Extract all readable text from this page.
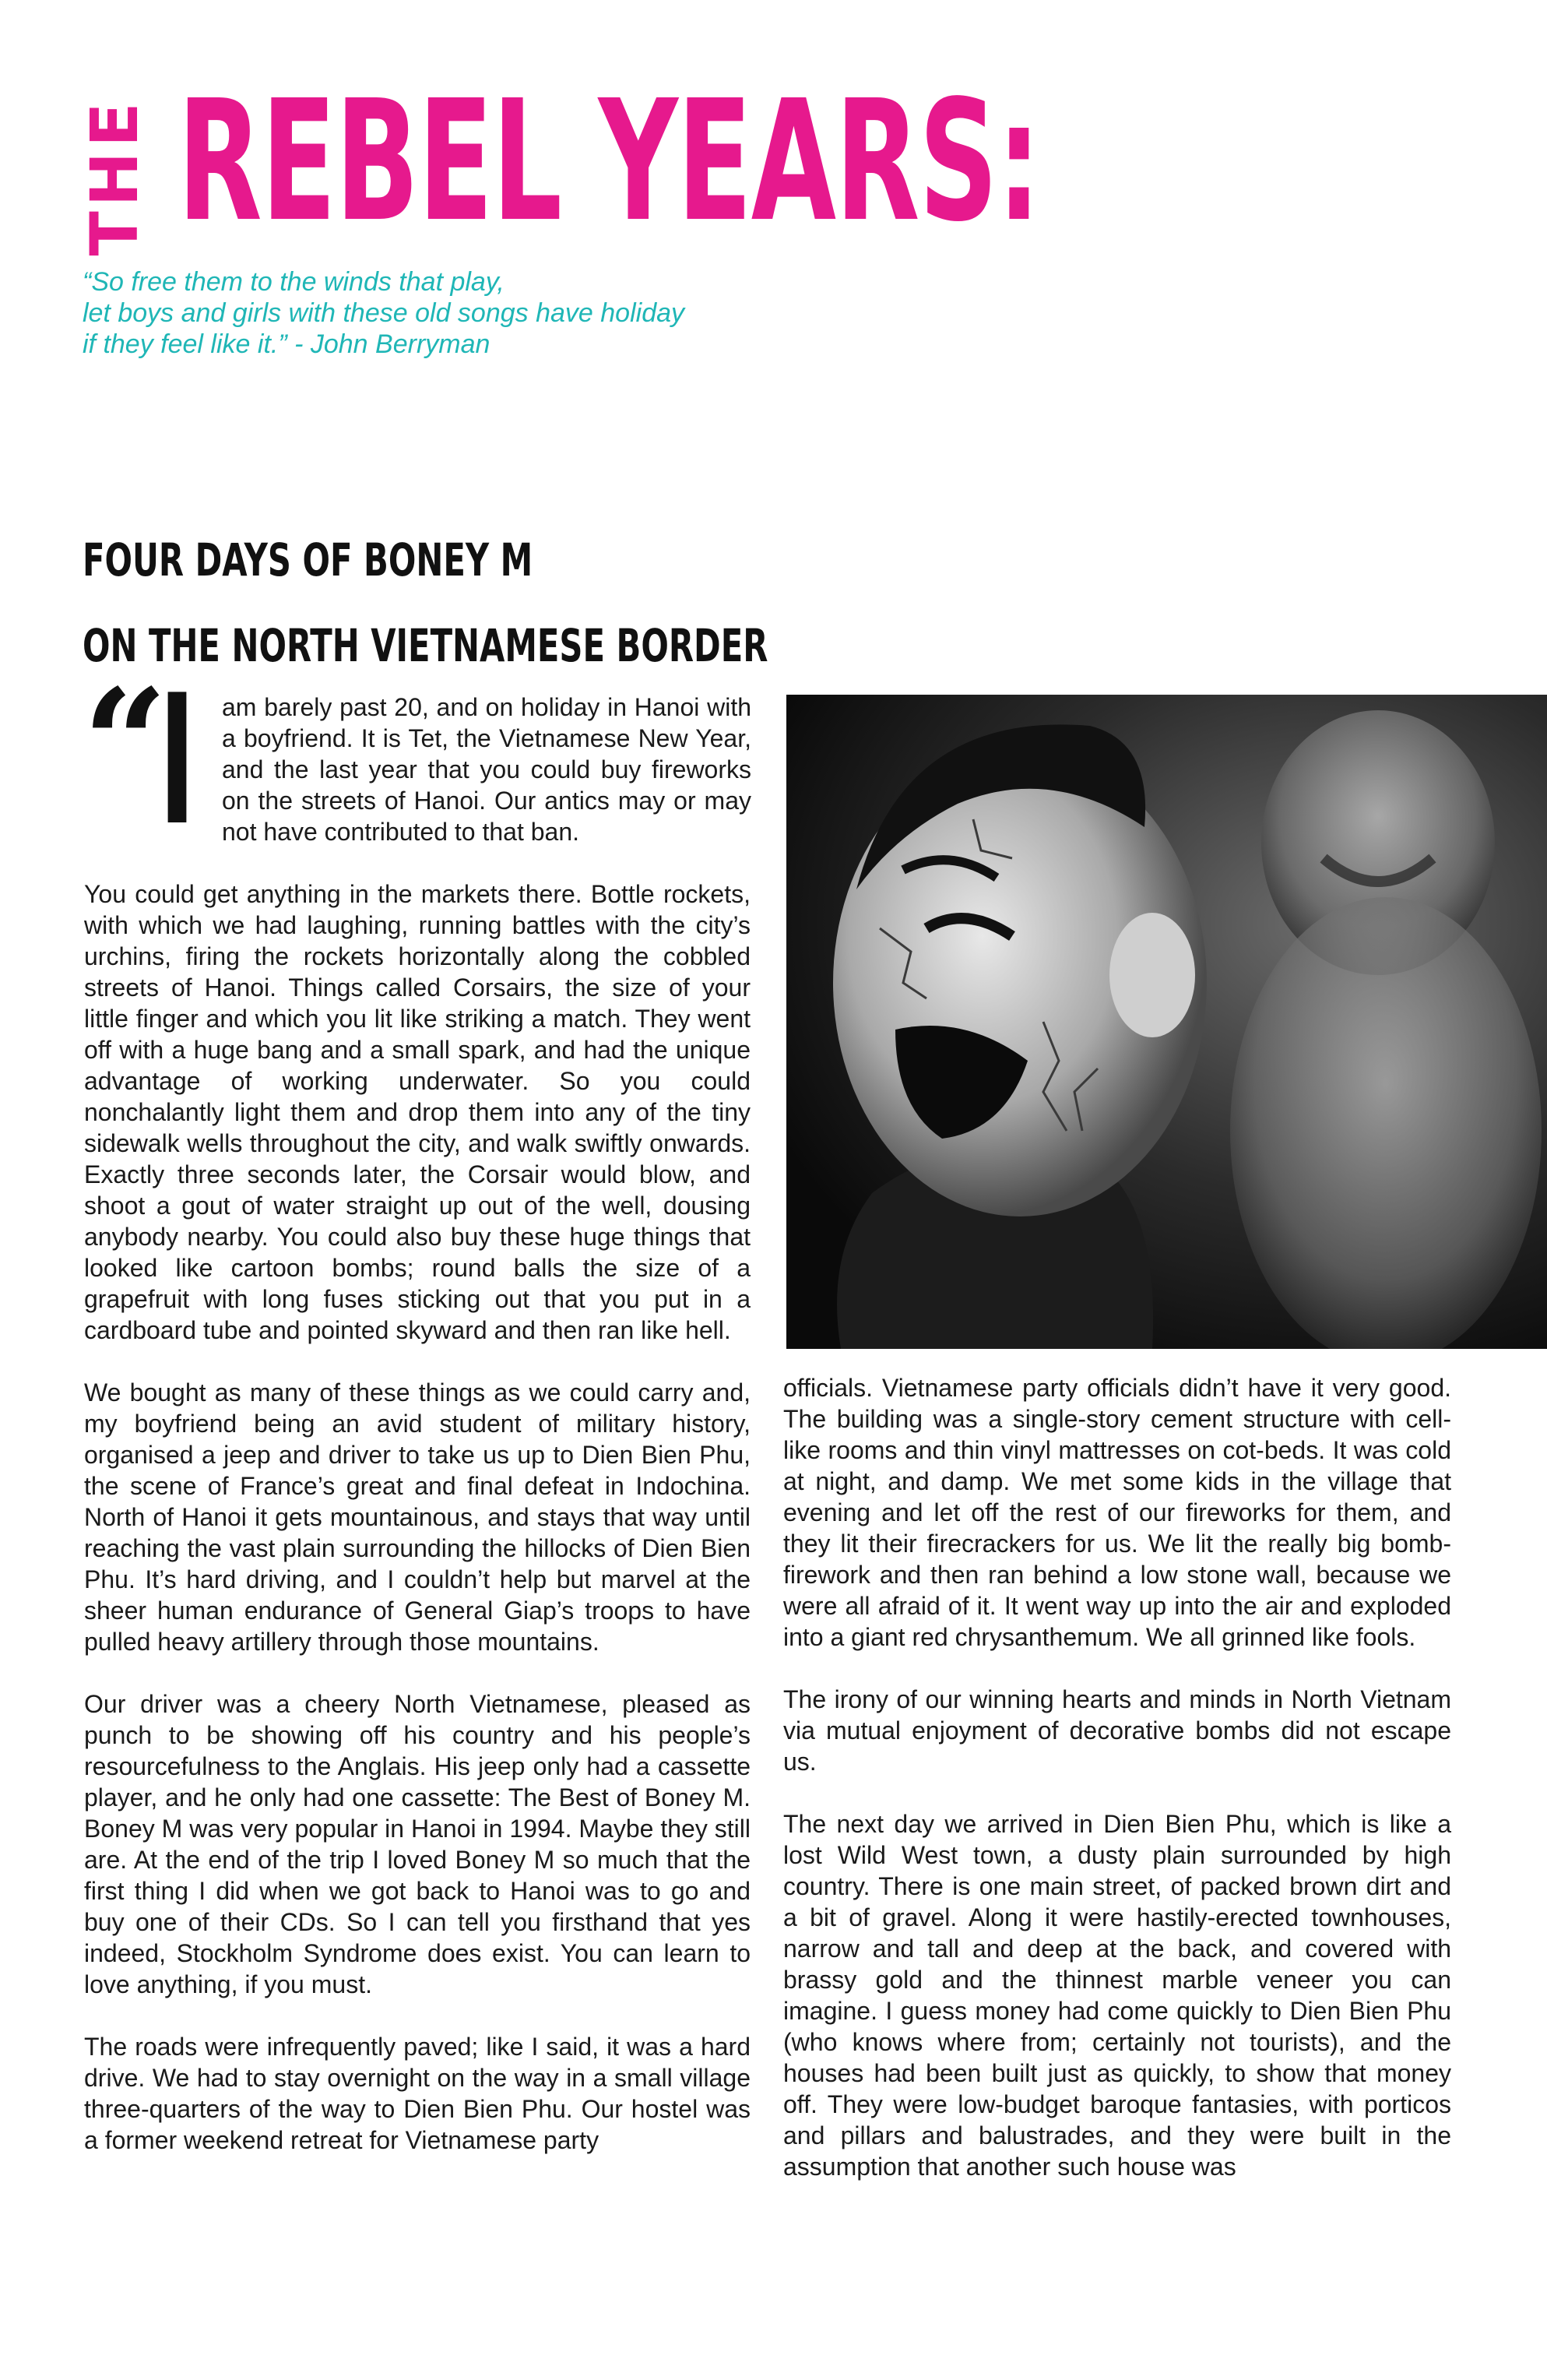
THE REBEL YEARS:
“So free them to the winds that play,
let boys and girls with these old songs have holiday
if they feel like it.” - John Berryman
FOUR DAYS OF BONEY M
ON THE NORTH VIETNAMESE BORDER
“
I am barely past 20, and on holiday in Hanoi with a boyfriend. It is Tet, the Vietnamese New Year, and the last year that you could buy fireworks on the streets of Hanoi. Our antics may or may not have contributed to that ban.

You could get anything in the markets there. Bottle rockets, with which we had laughing, running battles with the city’s urchins, firing the rockets horizontally along the cobbled streets of Hanoi. Things called Corsairs, the size of your little finger and which you lit like striking a match. They went off with a huge bang and a small spark, and had the unique advantage of working underwater. So you could nonchalantly light them and drop them into any of the tiny sidewalk wells throughout the city, and walk swiftly onwards. Exactly three seconds later, the Corsair would blow, and shoot a gout of water straight up out of the well, dousing anybody nearby. You could also buy these huge things that looked like cartoon bombs; round balls the size of a grapefruit with long fuses sticking out that you put in a cardboard tube and pointed skyward and then ran like hell.

We bought as many of these things as we could carry and, my boyfriend being an avid student of military history, organised a jeep and driver to take us up to Dien Bien Phu, the scene of France’s great and final defeat in Indochina. North of Hanoi it gets mountainous, and stays that way until reaching the vast plain surrounding the hillocks of Dien Bien Phu. It’s hard driving, and I couldn’t help but marvel at the sheer human endurance of General Giap’s troops to have pulled heavy artillery through those mountains.

Our driver was a cheery North Vietnamese, pleased as punch to be showing off his country and his people’s resourcefulness to the Anglais. His jeep only had a cassette player, and he only had one cassette: The Best of Boney M. Boney M was very popular in Hanoi in 1994. Maybe they still are. At the end of the trip I loved Boney M so much that the first thing I did when we got back to Hanoi was to go and buy one of their CDs. So I can tell you firsthand that yes indeed, Stockholm Syndrome does exist. You can learn to love anything, if you must.

The roads were infrequently paved; like I said, it was a hard drive. We had to stay overnight on the way in a small village three-quarters of the way to Dien Bien Phu. Our hostel was a former weekend retreat for Vietnamese party

officials. Vietnamese party officials didn’t have it very good. The building was a single-story cement structure with cell-like rooms and thin vinyl mattresses on cot-beds. It was cold at night, and damp. We met some kids in the village that evening and let off the rest of our fireworks for them, and they lit their firecrackers for us. We lit the really big bomb-firework and then ran behind a low stone wall, because we were all afraid of it. It went way up into the air and exploded into a giant red chrysanthemum. We all grinned like fools.

The irony of our winning hearts and minds in North Vietnam via mutual enjoyment of decorative bombs did not escape us.

The next day we arrived in Dien Bien Phu, which is like a lost Wild West town, a dusty plain surrounded by high country. There is one main street, of packed brown dirt and a bit of gravel. Along it were hastily-erected townhouses, narrow and tall and deep at the back, and covered with brassy gold and the thinnest marble veneer you can imagine. I guess money had come quickly to Dien Bien Phu (who knows where from; certainly not tourists), and the houses had been built just as quickly, to show that money off. They were low-budget baroque fantasies, with porticos and pillars and balustrades, and they were built in the assumption that another such house was
